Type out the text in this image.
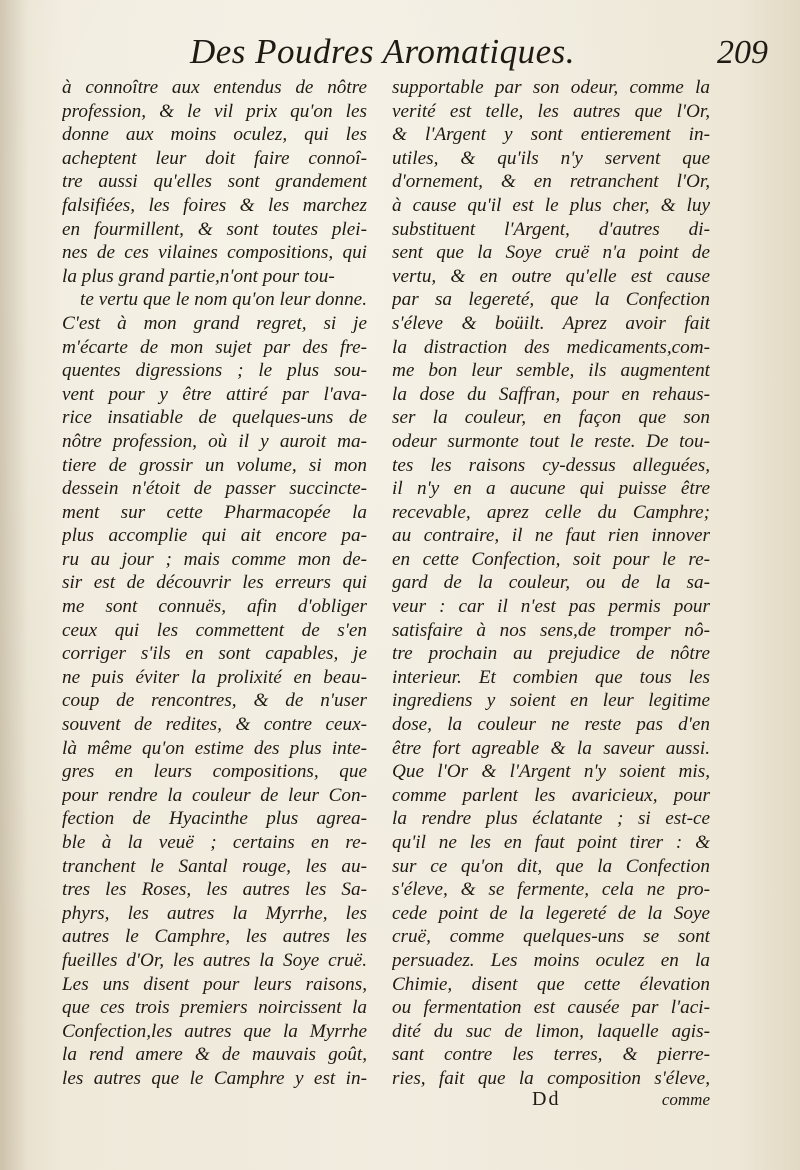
Des Poudres Aromatiques.	209
à connoître aux entendus de nôtre
profession, & le vil prix qu'on les
donne aux moins oculez, qui les
acheptent leur doit faire connoî-
tre aussi qu'elles sont grandement
falsifiées, les foires & les marchez
en fourmillent, & sont toutes plei-
nes de ces vilaines compositions, qui
la plus grand partie,n'ont pour tou-
te vertu que le nom qu'on leur donne.
C'est à mon grand regret, si je
m'écarte de mon sujet par des fre-
quentes digressions ; le plus sou-
vent pour y être attiré par l'ava-
rice insatiable de quelques-uns de
nôtre profession, où il y auroit ma-
tiere de grossir un volume, si mon
dessein n'étoit de passer succincte-
ment sur cette Pharmacopée la
plus accomplie qui ait encore pa-
ru au jour ; mais comme mon de-
sir est de découvrir les erreurs qui
me sont connuës, afin d'obliger
ceux qui les commettent de s'en
corriger s'ils en sont capables, je
ne puis éviter la prolixité en beau-
coup de rencontres, & de n'user
souvent de redites, & contre ceux-
là même qu'on estime des plus inte-
gres en leurs compositions, que
pour rendre la couleur de leur Con-
fection de Hyacinthe plus agrea-
ble à la veuë ; certains en re-
tranchent le Santal rouge, les au-
tres les Roses, les autres les Sa-
phyrs, les autres la Myrrhe, les
autres le Camphre, les autres les
fueilles d'Or, les autres la Soye cruë.
Les uns disent pour leurs raisons,
que ces trois premiers noircissent la
Confection,les autres que la Myrrhe
la rend amere & de mauvais goût,
les autres que le Camphre y est in-
supportable par son odeur, comme la
verité est telle, les autres que l'Or,
& l'Argent y sont entierement in-
utiles, & qu'ils n'y servent que
d'ornement, & en retranchent l'Or,
à cause qu'il est le plus cher, & luy
substituent l'Argent, d'autres di-
sent que la Soye cruë n'a point de
vertu, & en outre qu'elle est cause
par sa legereté, que la Confection
s'éleve & boüilt. Aprez avoir fait
la distraction des medicaments,com-
me bon leur semble, ils augmentent
la dose du Saffran, pour en rehaus-
ser la couleur, en façon que son
odeur surmonte tout le reste. De tou-
tes les raisons cy-dessus alleguées,
il n'y en a aucune qui puisse être
recevable, aprez celle du Camphre;
au contraire, il ne faut rien innover
en cette Confection, soit pour le re-
gard de la couleur, ou de la sa-
veur : car il n'est pas permis pour
satisfaire à nos sens,de tromper nô-
tre prochain au prejudice de nôtre
interieur. Et combien que tous les
ingrediens y soient en leur legitime
dose, la couleur ne reste pas d'en
être fort agreable & la saveur aussi.
Que l'Or & l'Argent n'y soient mis,
comme parlent les avaricieux, pour
la rendre plus éclatante ; si est-ce
qu'il ne les en faut point tirer : &
sur ce qu'on dit, que la Confection
s'éleve, & se fermente, cela ne pro-
cede point de la legereté de la Soye
cruë, comme quelques-uns se sont
persuadez. Les moins oculez en la
Chimie, disent que cette élevation
ou fermentation est causée par l'aci-
dité du suc de limon, laquelle agis-
sant contre les terres, & pierre-
ries, fait que la composition s'éleve,
Dd	comme
